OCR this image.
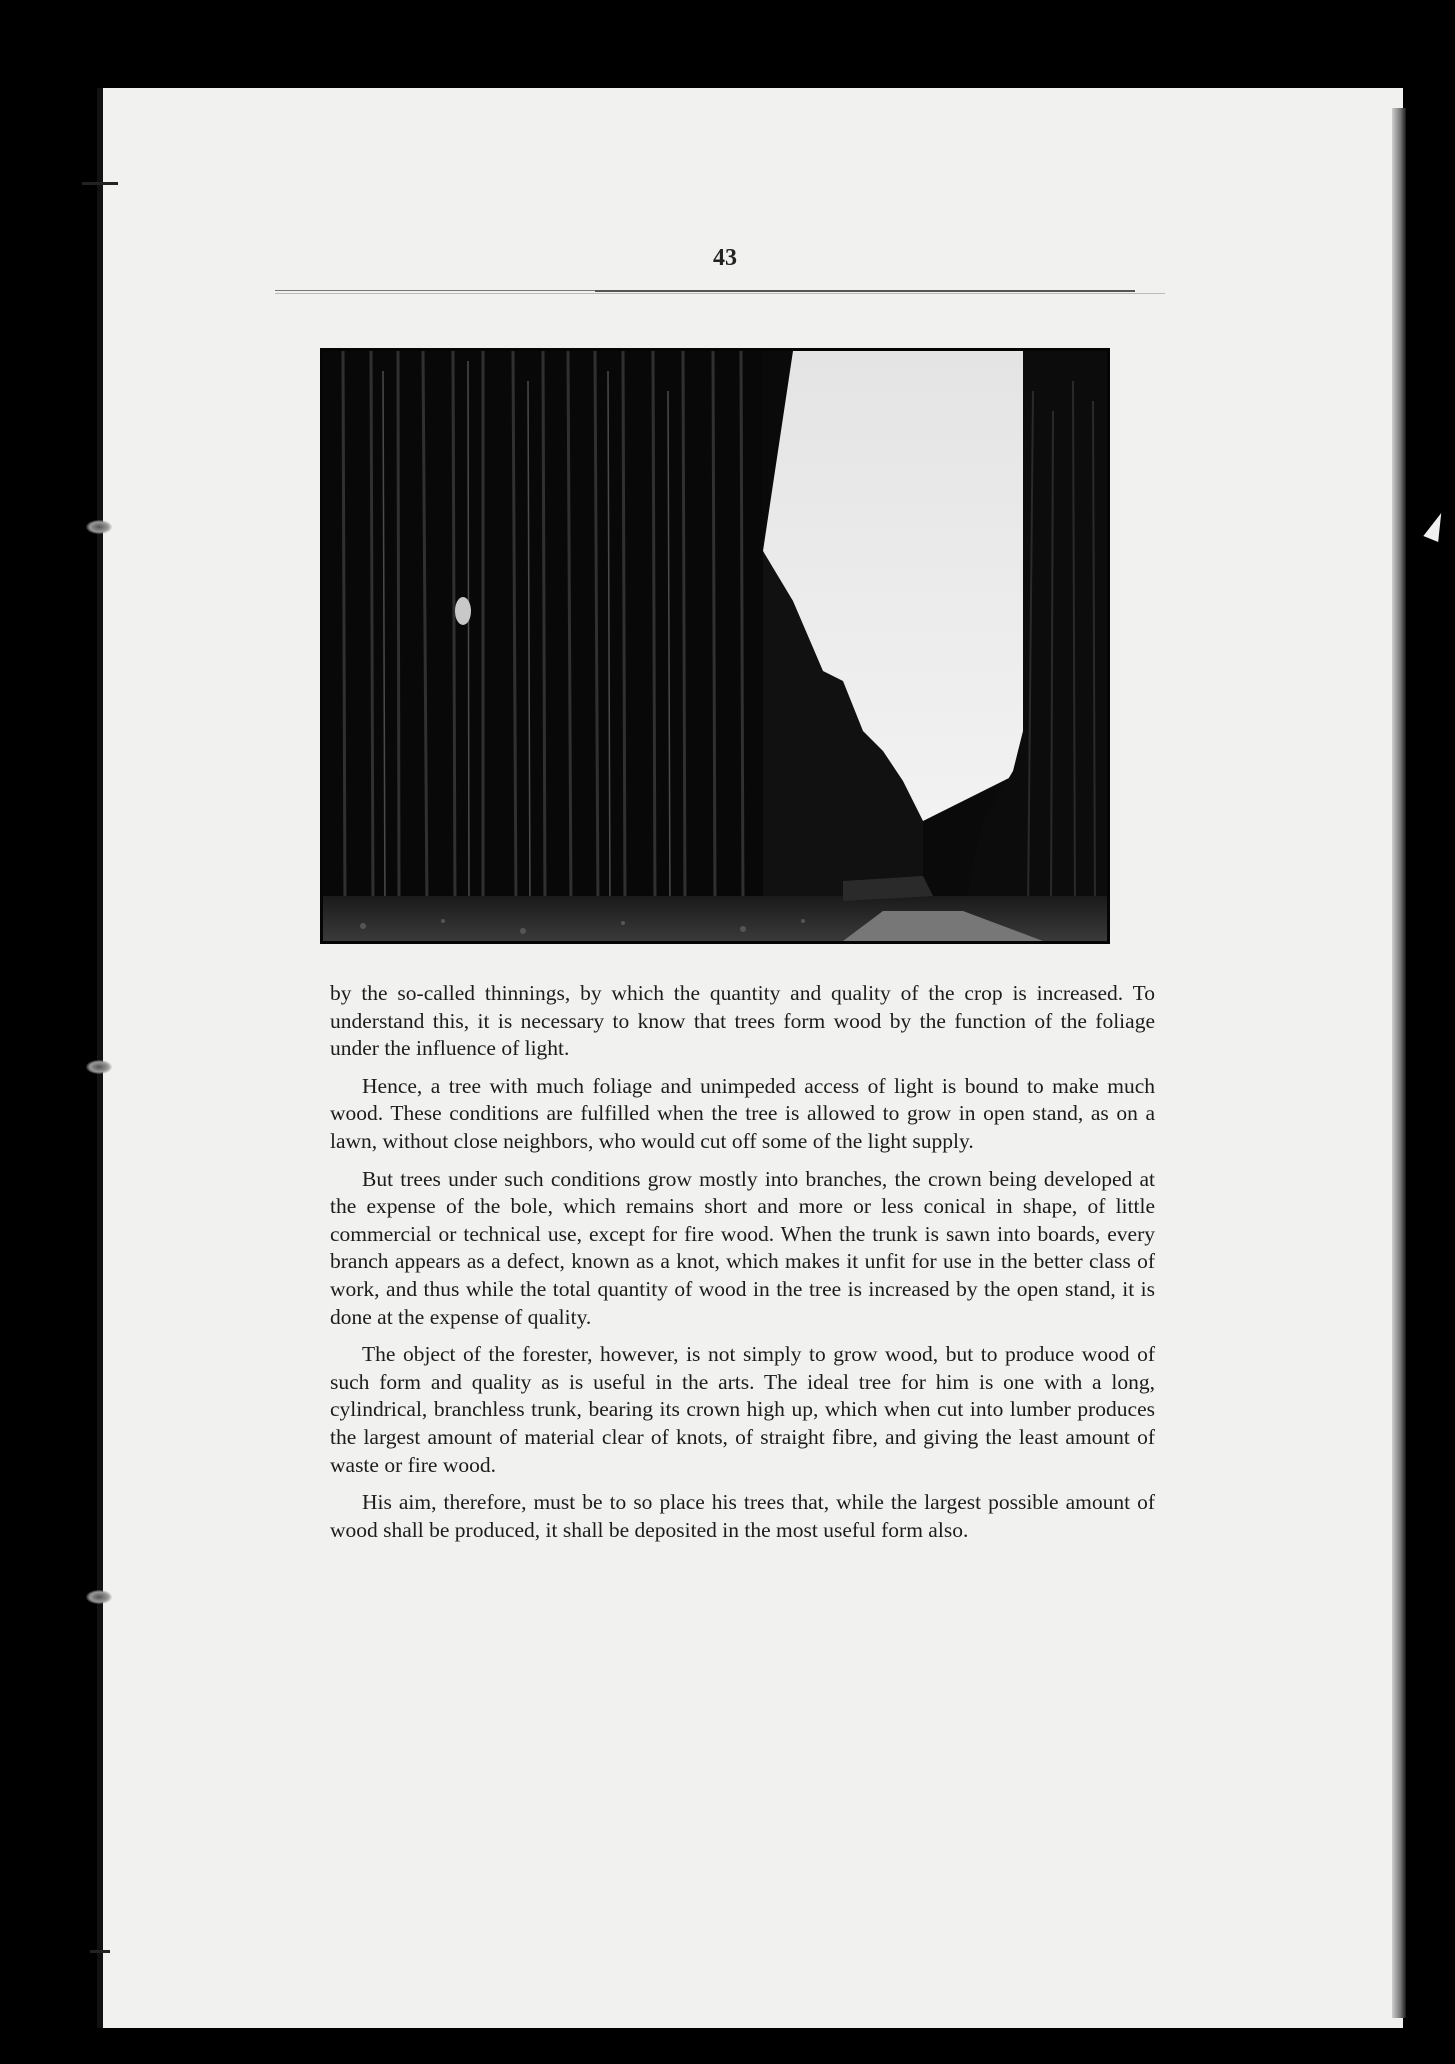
43

by the so-called thinnings, by which the quantity and quality of the crop is increased. To understand this, it is necessary to know that trees form wood by the function of the foliage under the influence of light.

Hence, a tree with much foliage and unimpeded access of light is bound to make much wood. These conditions are fulfilled when the tree is allowed to grow in open stand, as on a lawn, without close neighbors, who would cut off some of the light supply.

But trees under such conditions grow mostly into branches, the crown being developed at the expense of the bole, which remains short and more or less conical in shape, of little commercial or technical use, except for fire wood. When the trunk is sawn into boards, every branch appears as a defect, known as a knot, which makes it unfit for use in the better class of work, and thus while the total quantity of wood in the tree is increased by the open stand, it is done at the expense of quality.

The object of the forester, however, is not simply to grow wood, but to produce wood of such form and quality as is useful in the arts. The ideal tree for him is one with a long, cylindrical, branchless trunk, bearing its crown high up, which when cut into lumber produces the largest amount of material clear of knots, of straight fibre, and giving the least amount of waste or fire wood.

His aim, therefore, must be to so place his trees that, while the largest possible amount of wood shall be produced, it shall be deposited in the most useful form also.
